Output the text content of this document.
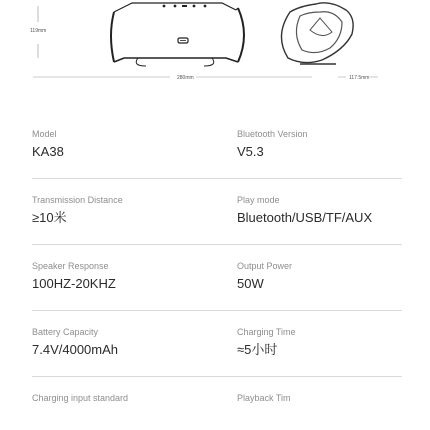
119mm
280mm	117.5mm
Model
KA38
Bluetooth Version
V5.3
Transmission Distance
≥10米
Play mode
Bluetooth/USB/TF/AUX
Speaker Response
100HZ-20KHZ
Output Power
50W
Battery Capacity
7.4V/4000mAh
Charging Time
≈5小时
Charging input standard	Playback Tim
